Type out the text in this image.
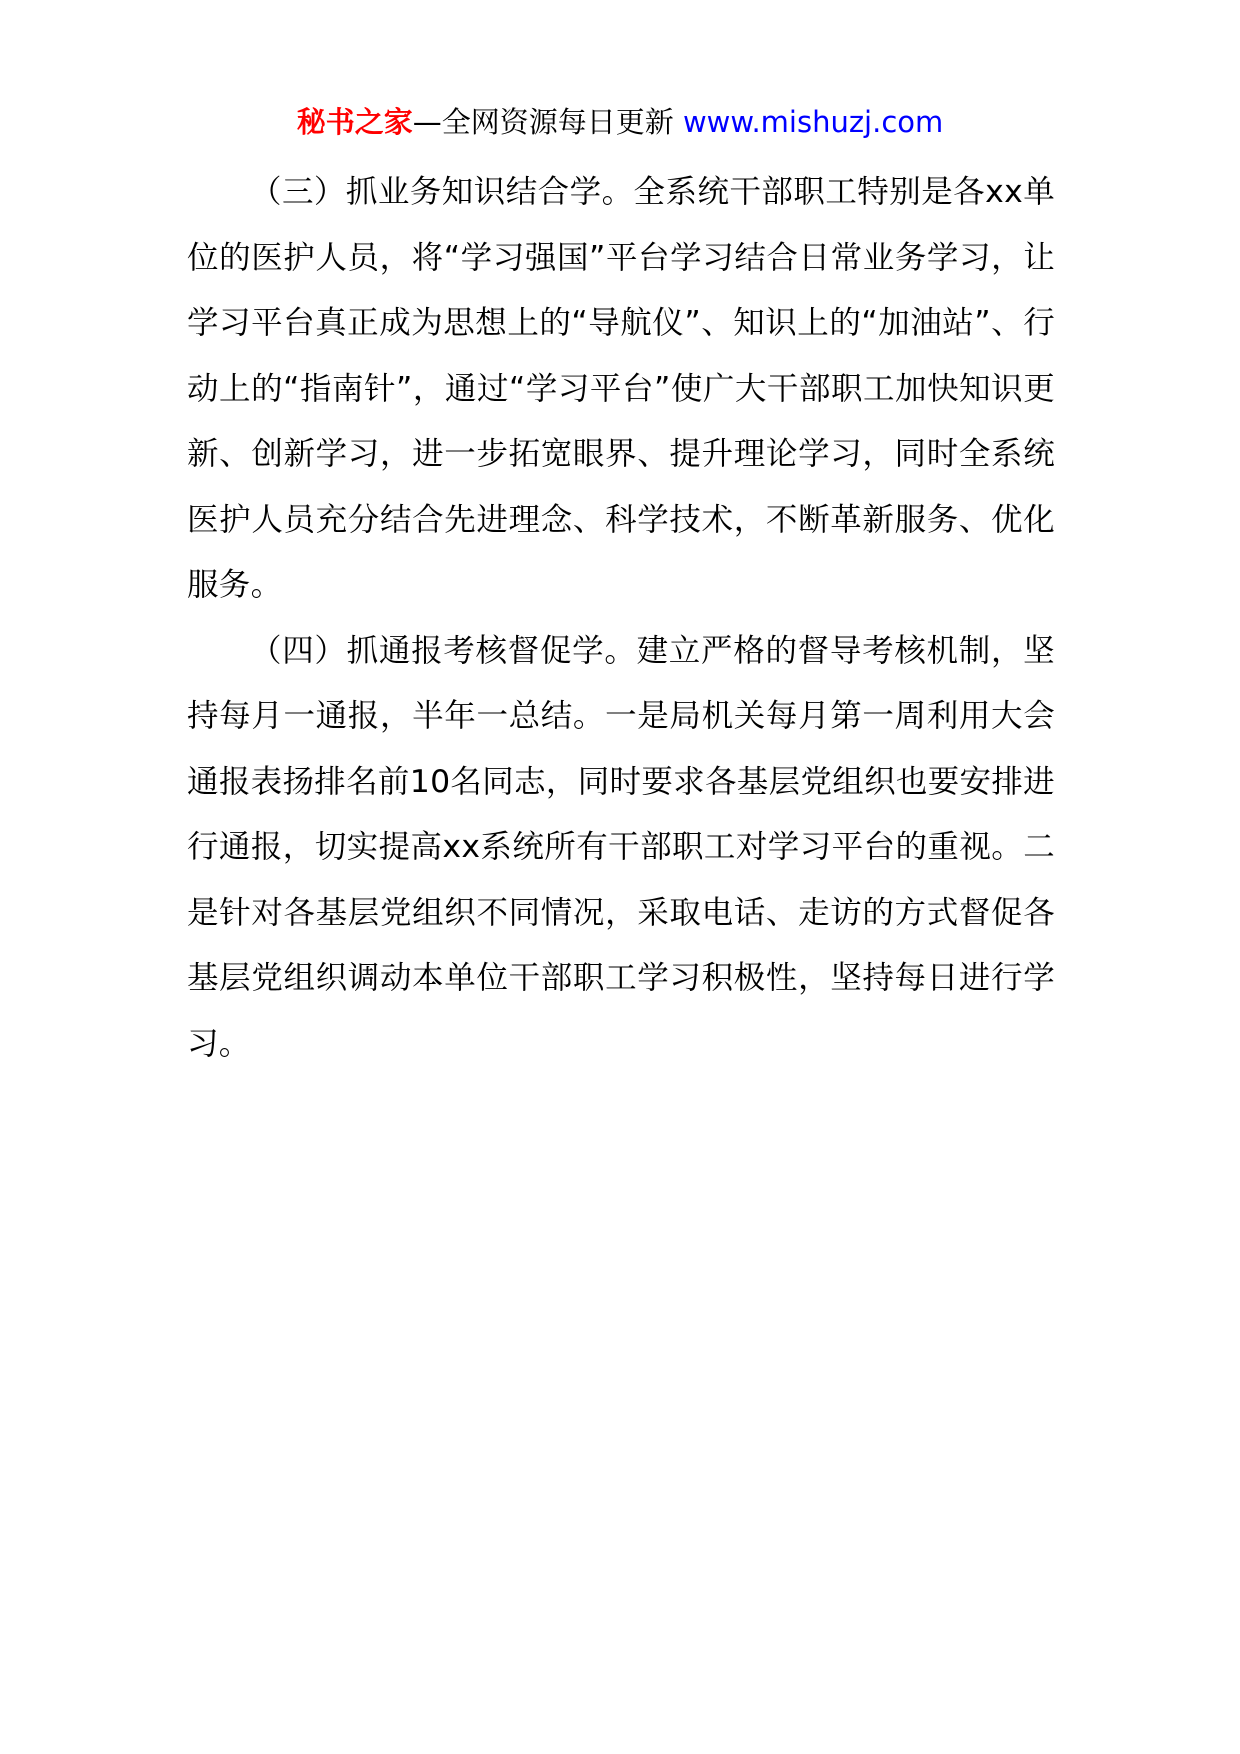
秘书之家—全网资源每日更新 www.mishuzj.com

（三）抓业务知识结合学。全系统干部职工特别是各xx单位的医护人员，将“学习强国”平台学习结合日常业务学习，让学习平台真正成为思想上的“导航仪”、知识上的“加油站”、行动上的“指南针”，通过“学习平台”使广大干部职工加快知识更新、创新学习，进一步拓宽眼界、提升理论学习，同时全系统医护人员充分结合先进理念、科学技术，不断革新服务、优化服务。

（四）抓通报考核督促学。建立严格的督导考核机制，坚持每月一通报，半年一总结。一是局机关每月第一周利用大会通报表扬排名前10名同志，同时要求各基层党组织也要安排进行通报，切实提高xx系统所有干部职工对学习平台的重视。二是针对各基层党组织不同情况，采取电话、走访的方式督促各基层党组织调动本单位干部职工学习积极性，坚持每日进行学习。
